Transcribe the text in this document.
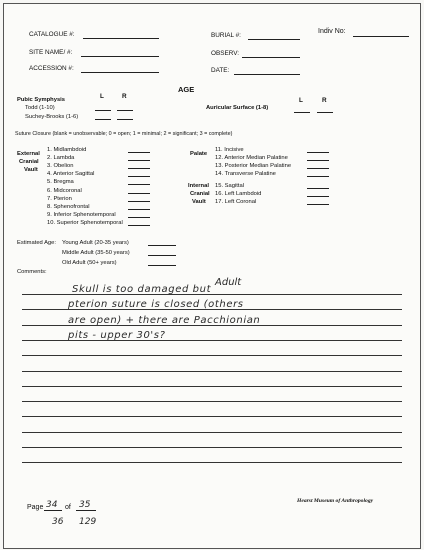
CATALOGUE #:	BURIAL #:
Indiv No:
SITE NAME/ #:	OBSERV:
ACCESSION #:	DATE:
AGE
Pubic Symphysis	L	R
Todd (1-10)
Suchey-Brooks (1-6)
L	R
Auricular Surface (1-8)
Suture Closure (blank = unobservable; 0 = open; 1 = minimal; 2 = significant; 3 = complete)
External
Cranial
Vault
1. Midlambdoid
2. Lambda
3. Obelion
4. Anterior Sagittal
5. Bregma
6. Midcoronal
7. Pterion
8. Sphenofrontal
9. Inferior Sphenotemporal
10. Superior Sphenotemporal
Palate
11. Incisive
12. Anterior Median Palatine
13. Posterior Median Palatine
14. Transverse Palatine
Internal
Cranial
Vault
15. Sagittal
16. Left Lambdoid
17. Left Coronal
Estimated Age: Young Adult (20-35 years)
Middle Adult (35-50 years)
Old Adult (50+ years)
Comments:
Adult
Skull is too damaged but
pterion suture is closed (others
are open) + there are Pacchionian
pits - upper 30's?
Page 34 of 35
36 129
Hearst Museum of Anthropology
